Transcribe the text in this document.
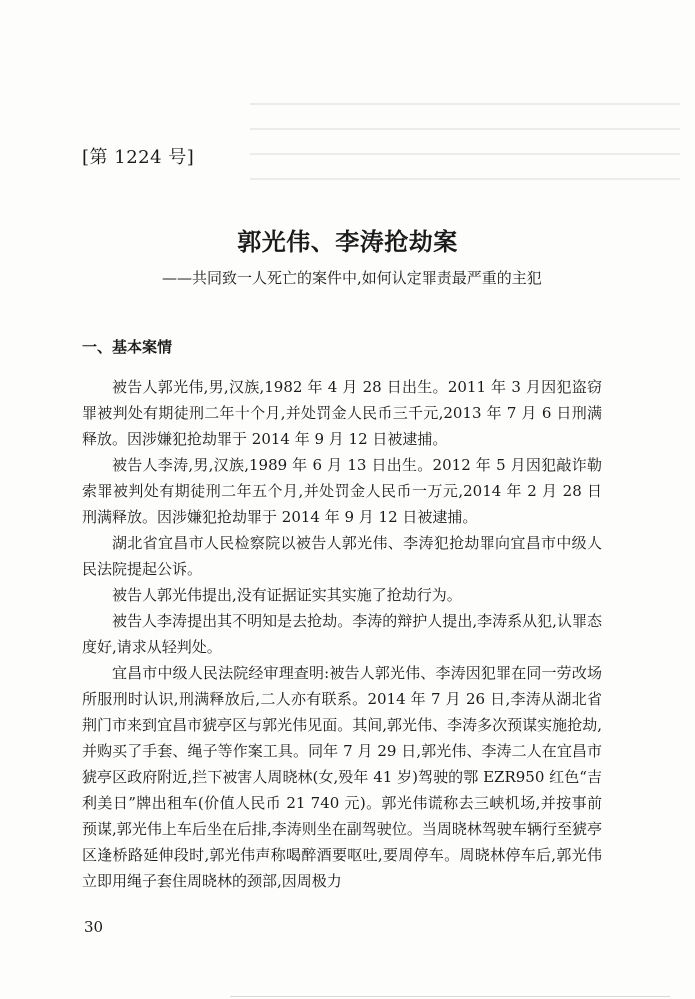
[第 1224 号]
郭光伟、李涛抢劫案
——共同致一人死亡的案件中,如何认定罪责最严重的主犯
一、基本案情

被告人郭光伟,男,汉族,1982 年 4 月 28 日出生。2011 年 3 月因犯盗窃罪被判处有期徒刑二年十个月,并处罚金人民币三千元,2013 年 7 月 6 日刑满释放。因涉嫌犯抢劫罪于 2014 年 9 月 12 日被逮捕。

被告人李涛,男,汉族,1989 年 6 月 13 日出生。2012 年 5 月因犯敲诈勒索罪被判处有期徒刑二年五个月,并处罚金人民币一万元,2014 年 2 月 28 日刑满释放。因涉嫌犯抢劫罪于 2014 年 9 月 12 日被逮捕。

湖北省宜昌市人民检察院以被告人郭光伟、李涛犯抢劫罪向宜昌市中级人民法院提起公诉。

被告人郭光伟提出,没有证据证实其实施了抢劫行为。

被告人李涛提出其不明知是去抢劫。李涛的辩护人提出,李涛系从犯,认罪态度好,请求从轻判处。

宜昌市中级人民法院经审理查明:被告人郭光伟、李涛因犯罪在同一劳改场所服刑时认识,刑满释放后,二人亦有联系。2014 年 7 月 26 日,李涛从湖北省荆门市来到宜昌市猇亭区与郭光伟见面。其间,郭光伟、李涛多次预谋实施抢劫,并购买了手套、绳子等作案工具。同年 7 月 29 日,郭光伟、李涛二人在宜昌市猇亭区政府附近,拦下被害人周晓林(女,殁年 41 岁)驾驶的鄂 EZR950 红色“吉利美日”牌出租车(价值人民币 21 740 元)。郭光伟谎称去三峡机场,并按事前预谋,郭光伟上车后坐在后排,李涛则坐在副驾驶位。当周晓林驾驶车辆行至猇亭区逢桥路延伸段时,郭光伟声称喝醉酒要呕吐,要周停车。周晓林停车后,郭光伟立即用绳子套住周晓林的颈部,因周极力

30
